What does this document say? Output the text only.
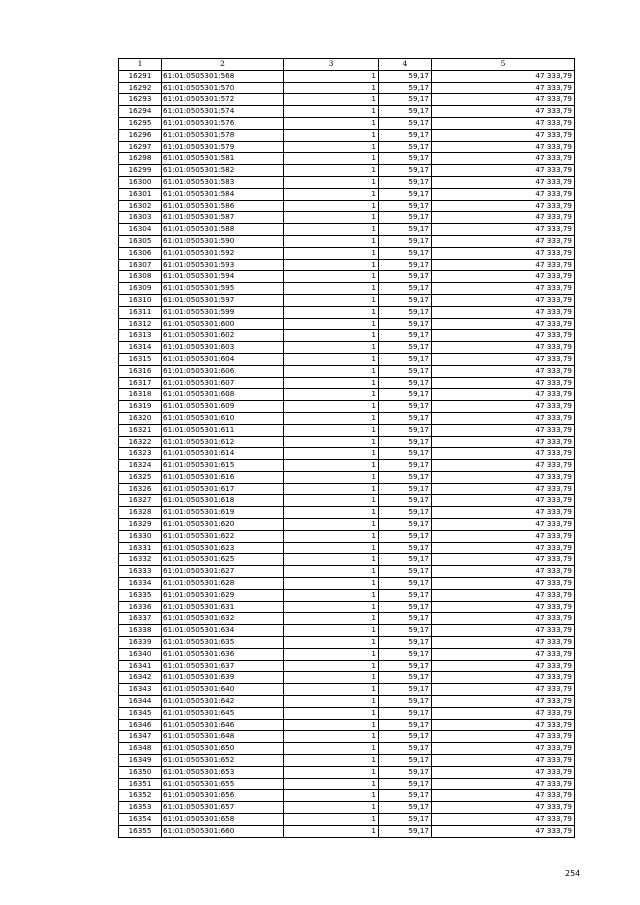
1	2	3	4	5
16291	61:01:0505301:568	1	59,17	47 333,79
16292	61:01:0505301:570	1	59,17	47 333,79
16293	61:01:0505301:572	1	59,17	47 333,79
16294	61:01:0505301:574	1	59,17	47 333,79
16295	61:01:0505301:576	1	59,17	47 333,79
16296	61:01:0505301:578	1	59,17	47 333,79
16297	61:01:0505301:579	1	59,17	47 333,79
16298	61:01:0505301:581	1	59,17	47 333,79
16299	61:01:0505301:582	1	59,17	47 333,79
16300	61:01:0505301:583	1	59,17	47 333,79
16301	61:01:0505301:584	1	59,17	47 333,79
16302	61:01:0505301:586	1	59,17	47 333,79
16303	61:01:0505301:587	1	59,17	47 333,79
16304	61:01:0505301:588	1	59,17	47 333,79
16305	61:01:0505301:590	1	59,17	47 333,79
16306	61:01:0505301:592	1	59,17	47 333,79
16307	61:01:0505301:593	1	59,17	47 333,79
16308	61:01:0505301:594	1	59,17	47 333,79
16309	61:01:0505301:595	1	59,17	47 333,79
16310	61:01:0505301:597	1	59,17	47 333,79
16311	61:01:0505301:599	1	59,17	47 333,79
16312	61:01:0505301:600	1	59,17	47 333,79
16313	61:01:0505301:602	1	59,17	47 333,79
16314	61:01:0505301:603	1	59,17	47 333,79
16315	61:01:0505301:604	1	59,17	47 333,79
16316	61:01:0505301:606	1	59,17	47 333,79
16317	61:01:0505301:607	1	59,17	47 333,79
16318	61:01:0505301:608	1	59,17	47 333,79
16319	61:01:0505301:609	1	59,17	47 333,79
16320	61:01:0505301:610	1	59,17	47 333,79
16321	61:01:0505301:611	1	59,17	47 333,79
16322	61:01:0505301:612	1	59,17	47 333,79
16323	61:01:0505301:614	1	59,17	47 333,79
16324	61:01:0505301:615	1	59,17	47 333,79
16325	61:01:0505301:616	1	59,17	47 333,79
16326	61:01:0505301:617	1	59,17	47 333,79
16327	61:01:0505301:618	1	59,17	47 333,79
16328	61:01:0505301:619	1	59,17	47 333,79
16329	61:01:0505301:620	1	59,17	47 333,79
16330	61:01:0505301:622	1	59,17	47 333,79
16331	61:01:0505301:623	1	59,17	47 333,79
16332	61:01:0505301:625	1	59,17	47 333,79
16333	61:01:0505301:627	1	59,17	47 333,79
16334	61:01:0505301:628	1	59,17	47 333,79
16335	61:01:0505301:629	1	59,17	47 333,79
16336	61:01:0505301:631	1	59,17	47 333,79
16337	61:01:0505301:632	1	59,17	47 333,79
16338	61:01:0505301:634	1	59,17	47 333,79
16339	61:01:0505301:635	1	59,17	47 333,79
16340	61:01:0505301:636	1	59,17	47 333,79
16341	61:01:0505301:637	1	59,17	47 333,79
16342	61:01:0505301:639	1	59,17	47 333,79
16343	61:01:0505301:640	1	59,17	47 333,79
16344	61:01:0505301:642	1	59,17	47 333,79
16345	61:01:0505301:645	1	59,17	47 333,79
16346	61:01:0505301:646	1	59,17	47 333,79
16347	61:01:0505301:648	1	59,17	47 333,79
16348	61:01:0505301:650	1	59,17	47 333,79
16349	61:01:0505301:652	1	59,17	47 333,79
16350	61:01:0505301:653	1	59,17	47 333,79
16351	61:01:0505301:655	1	59,17	47 333,79
16352	61:01:0505301:656	1	59,17	47 333,79
16353	61:01:0505301:657	1	59,17	47 333,79
16354	61:01:0505301:658	1	59,17	47 333,79
16355	61:01:0505301:660	1	59,17	47 333,79
254
